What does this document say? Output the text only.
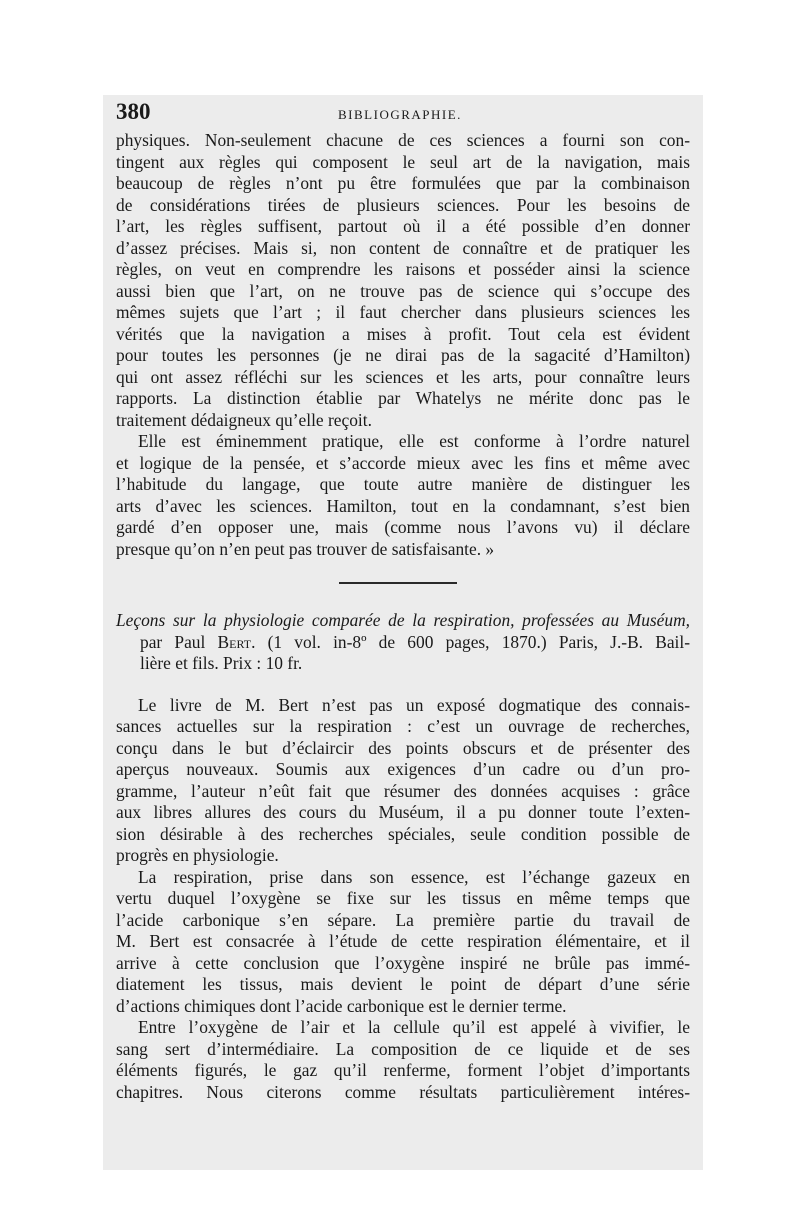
380	BIBLIOGRAPHIE.
physiques. Non-seulement chacune de ces sciences a fourni son con-
tingent aux règles qui composent le seul art de la navigation, mais
beaucoup de règles n’ont pu être formulées que par la combinaison
de considérations tirées de plusieurs sciences. Pour les besoins de
l’art, les règles suffisent, partout où il a été possible d’en donner
d’assez précises. Mais si, non content de connaître et de pratiquer les
règles, on veut en comprendre les raisons et posséder ainsi la science
aussi bien que l’art, on ne trouve pas de science qui s’occupe des
mêmes sujets que l’art ; il faut chercher dans plusieurs sciences les
vérités que la navigation a mises à profit. Tout cela est évident
pour toutes les personnes (je ne dirai pas de la sagacité d’Hamilton)
qui ont assez réfléchi sur les sciences et les arts, pour connaître leurs
rapports. La distinction établie par Whatelys ne mérite donc pas le
traitement dédaigneux qu’elle reçoit.
Elle est éminemment pratique, elle est conforme à l’ordre naturel
et logique de la pensée, et s’accorde mieux avec les fins et même avec
l’habitude du langage, que toute autre manière de distinguer les
arts d’avec les sciences. Hamilton, tout en la condamnant, s’est bien
gardé d’en opposer une, mais (comme nous l’avons vu) il déclare
presque qu’on n’en peut pas trouver de satisfaisante. »
Leçons sur la physiologie comparée de la respiration, professées au Muséum,
par Paul Bert. (1 vol. in-8º de 600 pages, 1870.) Paris, J.-B. Bail-
lière et fils. Prix : 10 fr.
Le livre de M. Bert n’est pas un exposé dogmatique des connais-
sances actuelles sur la respiration : c’est un ouvrage de recherches,
conçu dans le but d’éclaircir des points obscurs et de présenter des
aperçus nouveaux. Soumis aux exigences d’un cadre ou d’un pro-
gramme, l’auteur n’eût fait que résumer des données acquises : grâce
aux libres allures des cours du Muséum, il a pu donner toute l’exten-
sion désirable à des recherches spéciales, seule condition possible de
progrès en physiologie.
La respiration, prise dans son essence, est l’échange gazeux en
vertu duquel l’oxygène se fixe sur les tissus en même temps que
l’acide carbonique s’en sépare. La première partie du travail de
M. Bert est consacrée à l’étude de cette respiration élémentaire, et il
arrive à cette conclusion que l’oxygène inspiré ne brûle pas immé-
diatement les tissus, mais devient le point de départ d’une série
d’actions chimiques dont l’acide carbonique est le dernier terme.
Entre l’oxygène de l’air et la cellule qu’il est appelé à vivifier, le
sang sert d’intermédiaire. La composition de ce liquide et de ses
éléments figurés, le gaz qu’il renferme, forment l’objet d’importants
chapitres. Nous citerons comme résultats particulièrement intéres-
